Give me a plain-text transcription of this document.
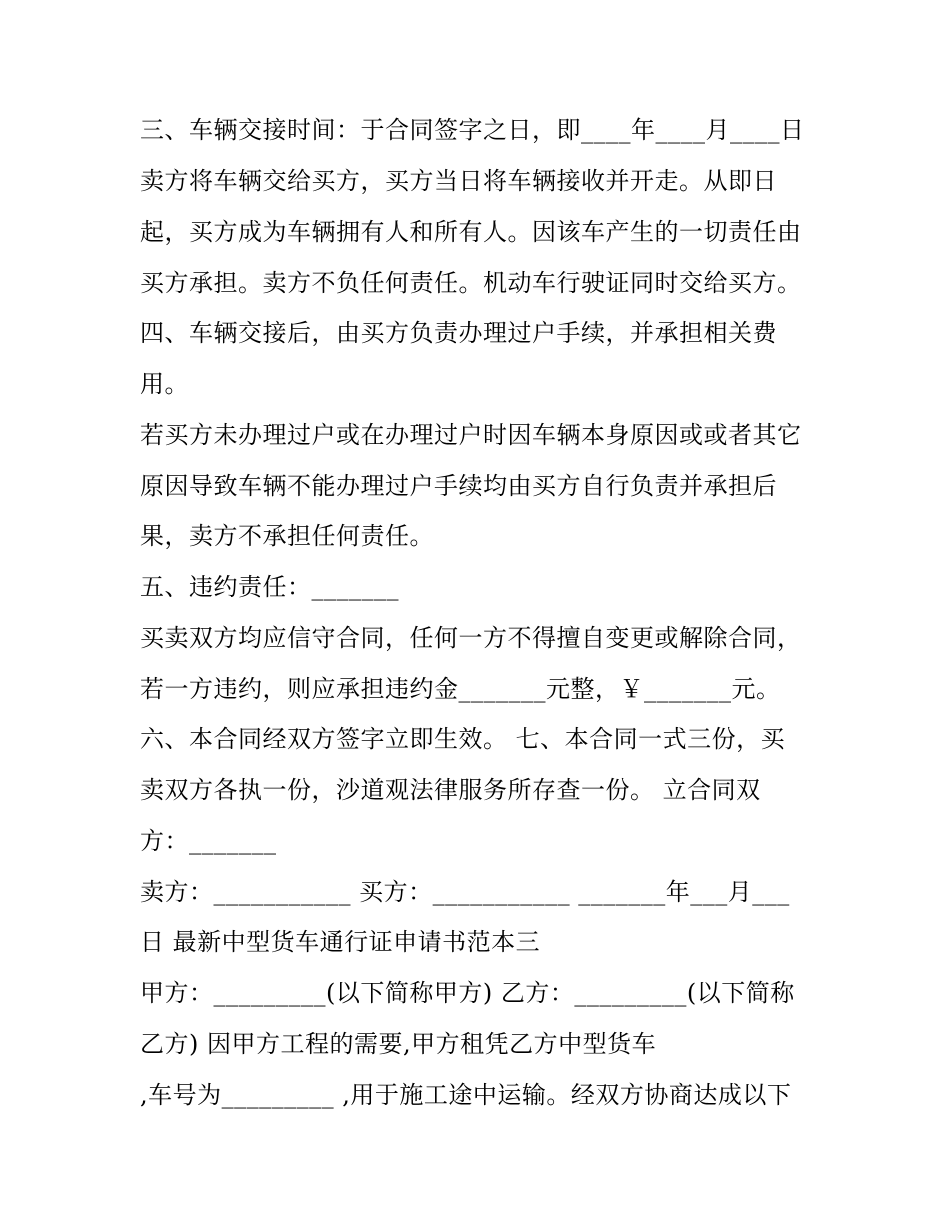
三、车辆交接时间：于合同签字之日，即____年____月____日
卖方将车辆交给买方，买方当日将车辆接收并开走。从即日
起，买方成为车辆拥有人和所有人。因该车产生的一切责任由
买方承担。卖方不负任何责任。机动车行驶证同时交给买方。
四、车辆交接后，由买方负责办理过户手续，并承担相关费
用。
若买方未办理过户或在办理过户时因车辆本身原因或或者其它
原因导致车辆不能办理过户手续均由买方自行负责并承担后
果，卖方不承担任何责任。
五、违约责任：_______
买卖双方均应信守合同，任何一方不得擅自变更或解除合同，
若一方违约，则应承担违约金_______元整，￥_______元。
六、本合同经双方签字立即生效。 七、本合同一式三份，买
卖双方各执一份，沙道观法律服务所存查一份。 立合同双
方：_______
卖方：___________ 买方：___________ _______年___月___
日 最新中型货车通行证申请书范本三
甲方：_________(以下简称甲方) 乙方：_________(以下简称
乙方) 因甲方工程的需要,甲方租凭乙方中型货车
,车号为_________ ,用于施工途中运输。经双方协商达成以下
